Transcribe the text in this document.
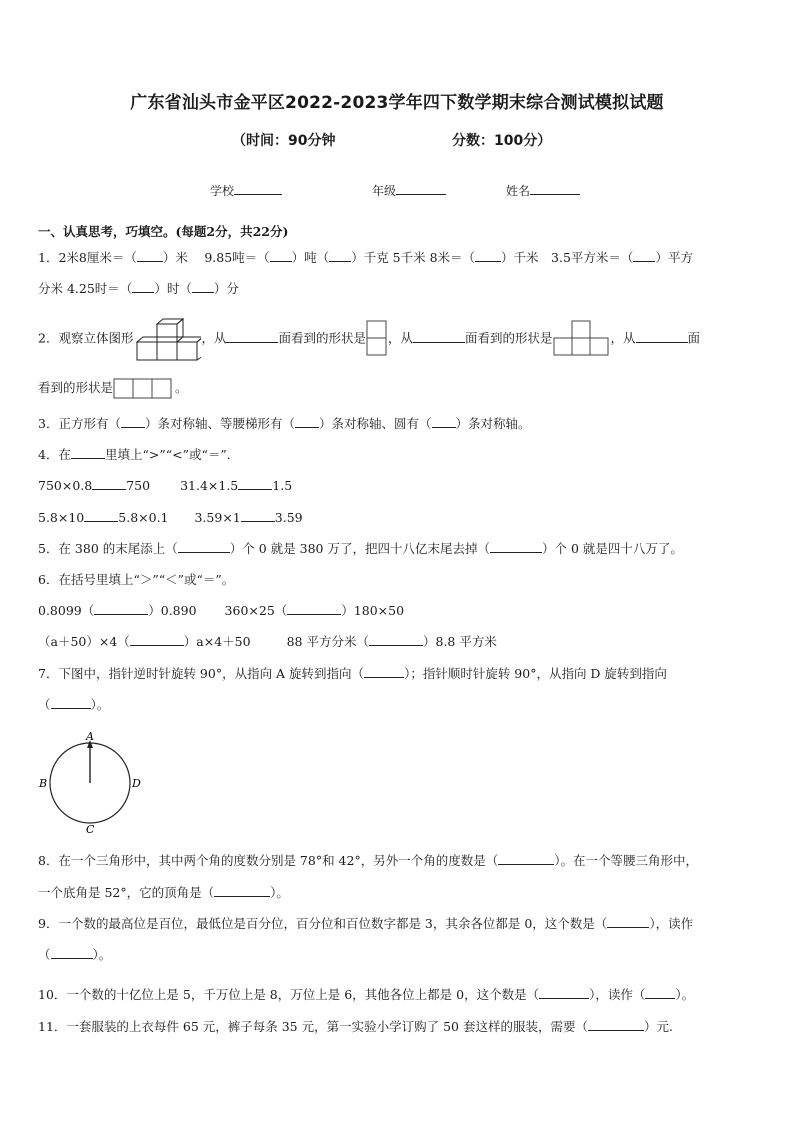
广东省汕头市金平区2022-2023学年四下数学期末综合测试模拟试题
（时间：90分钟	分数：100分）
学校	年级	姓名
一、认真思考，巧填空。(每题2分，共22分)
1．2米8厘米＝（ ）米　 9.85吨＝（ ）吨（ ）千克 5千米 8米＝（ ）千米　3.5平方米＝（ ）平方
分米 4.25时＝（ ）时（ ）分
2．观察立体图形	，从	面看到的形状是 ，从	面看到的形状是	，从	面
看到的形状是	。
3．正方形有（ ）条对称轴、等腰梯形有（ ）条对称轴、圆有（ ）条对称轴。
4．在	里填上“>”“<”或“＝”.
750×0.8	750 31.4×1.5	1.5
5.8×10	5.8×0.1 3.59×1	3.59
5．在 380 的末尾添上（	）个 0 就是 380 万了，把四十八亿末尾去掉（	）个 0 就是四十八万了。
6．在括号里填上“＞”“＜”或“＝”。
0.8099（	）0.890 360×25（	）180×50
（a＋50）×4（	）a×4＋50	88 平方分米（	）8.8 平方米
7．下图中，指针逆时针旋转 90°，从指向 A 旋转到指向（	）；指针顺时针旋转 90°，从指向 D 旋转到指向
（	）。
A
B
C
D
8．在一个三角形中，其中两个角的度数分别是 78°和 42°，另外一个角的度数是（	）。在一个等腰三角形中，
一个底角是 52°，它的顶角是（	）。
9．一个数的最高位是百位，最低位是百分位，百分位和百位数字都是 3，其余各位都是 0，这个数是（	），读作
（	）。
10．一个数的十亿位上是 5，千万位上是 8，万位上是 6，其他各位上都是 0，这个数是（	），读作（ ）。
11．一套服装的上衣每件 65 元，裤子每条 35 元，第一实验小学订购了 50 套这样的服装，需要（	）元.
